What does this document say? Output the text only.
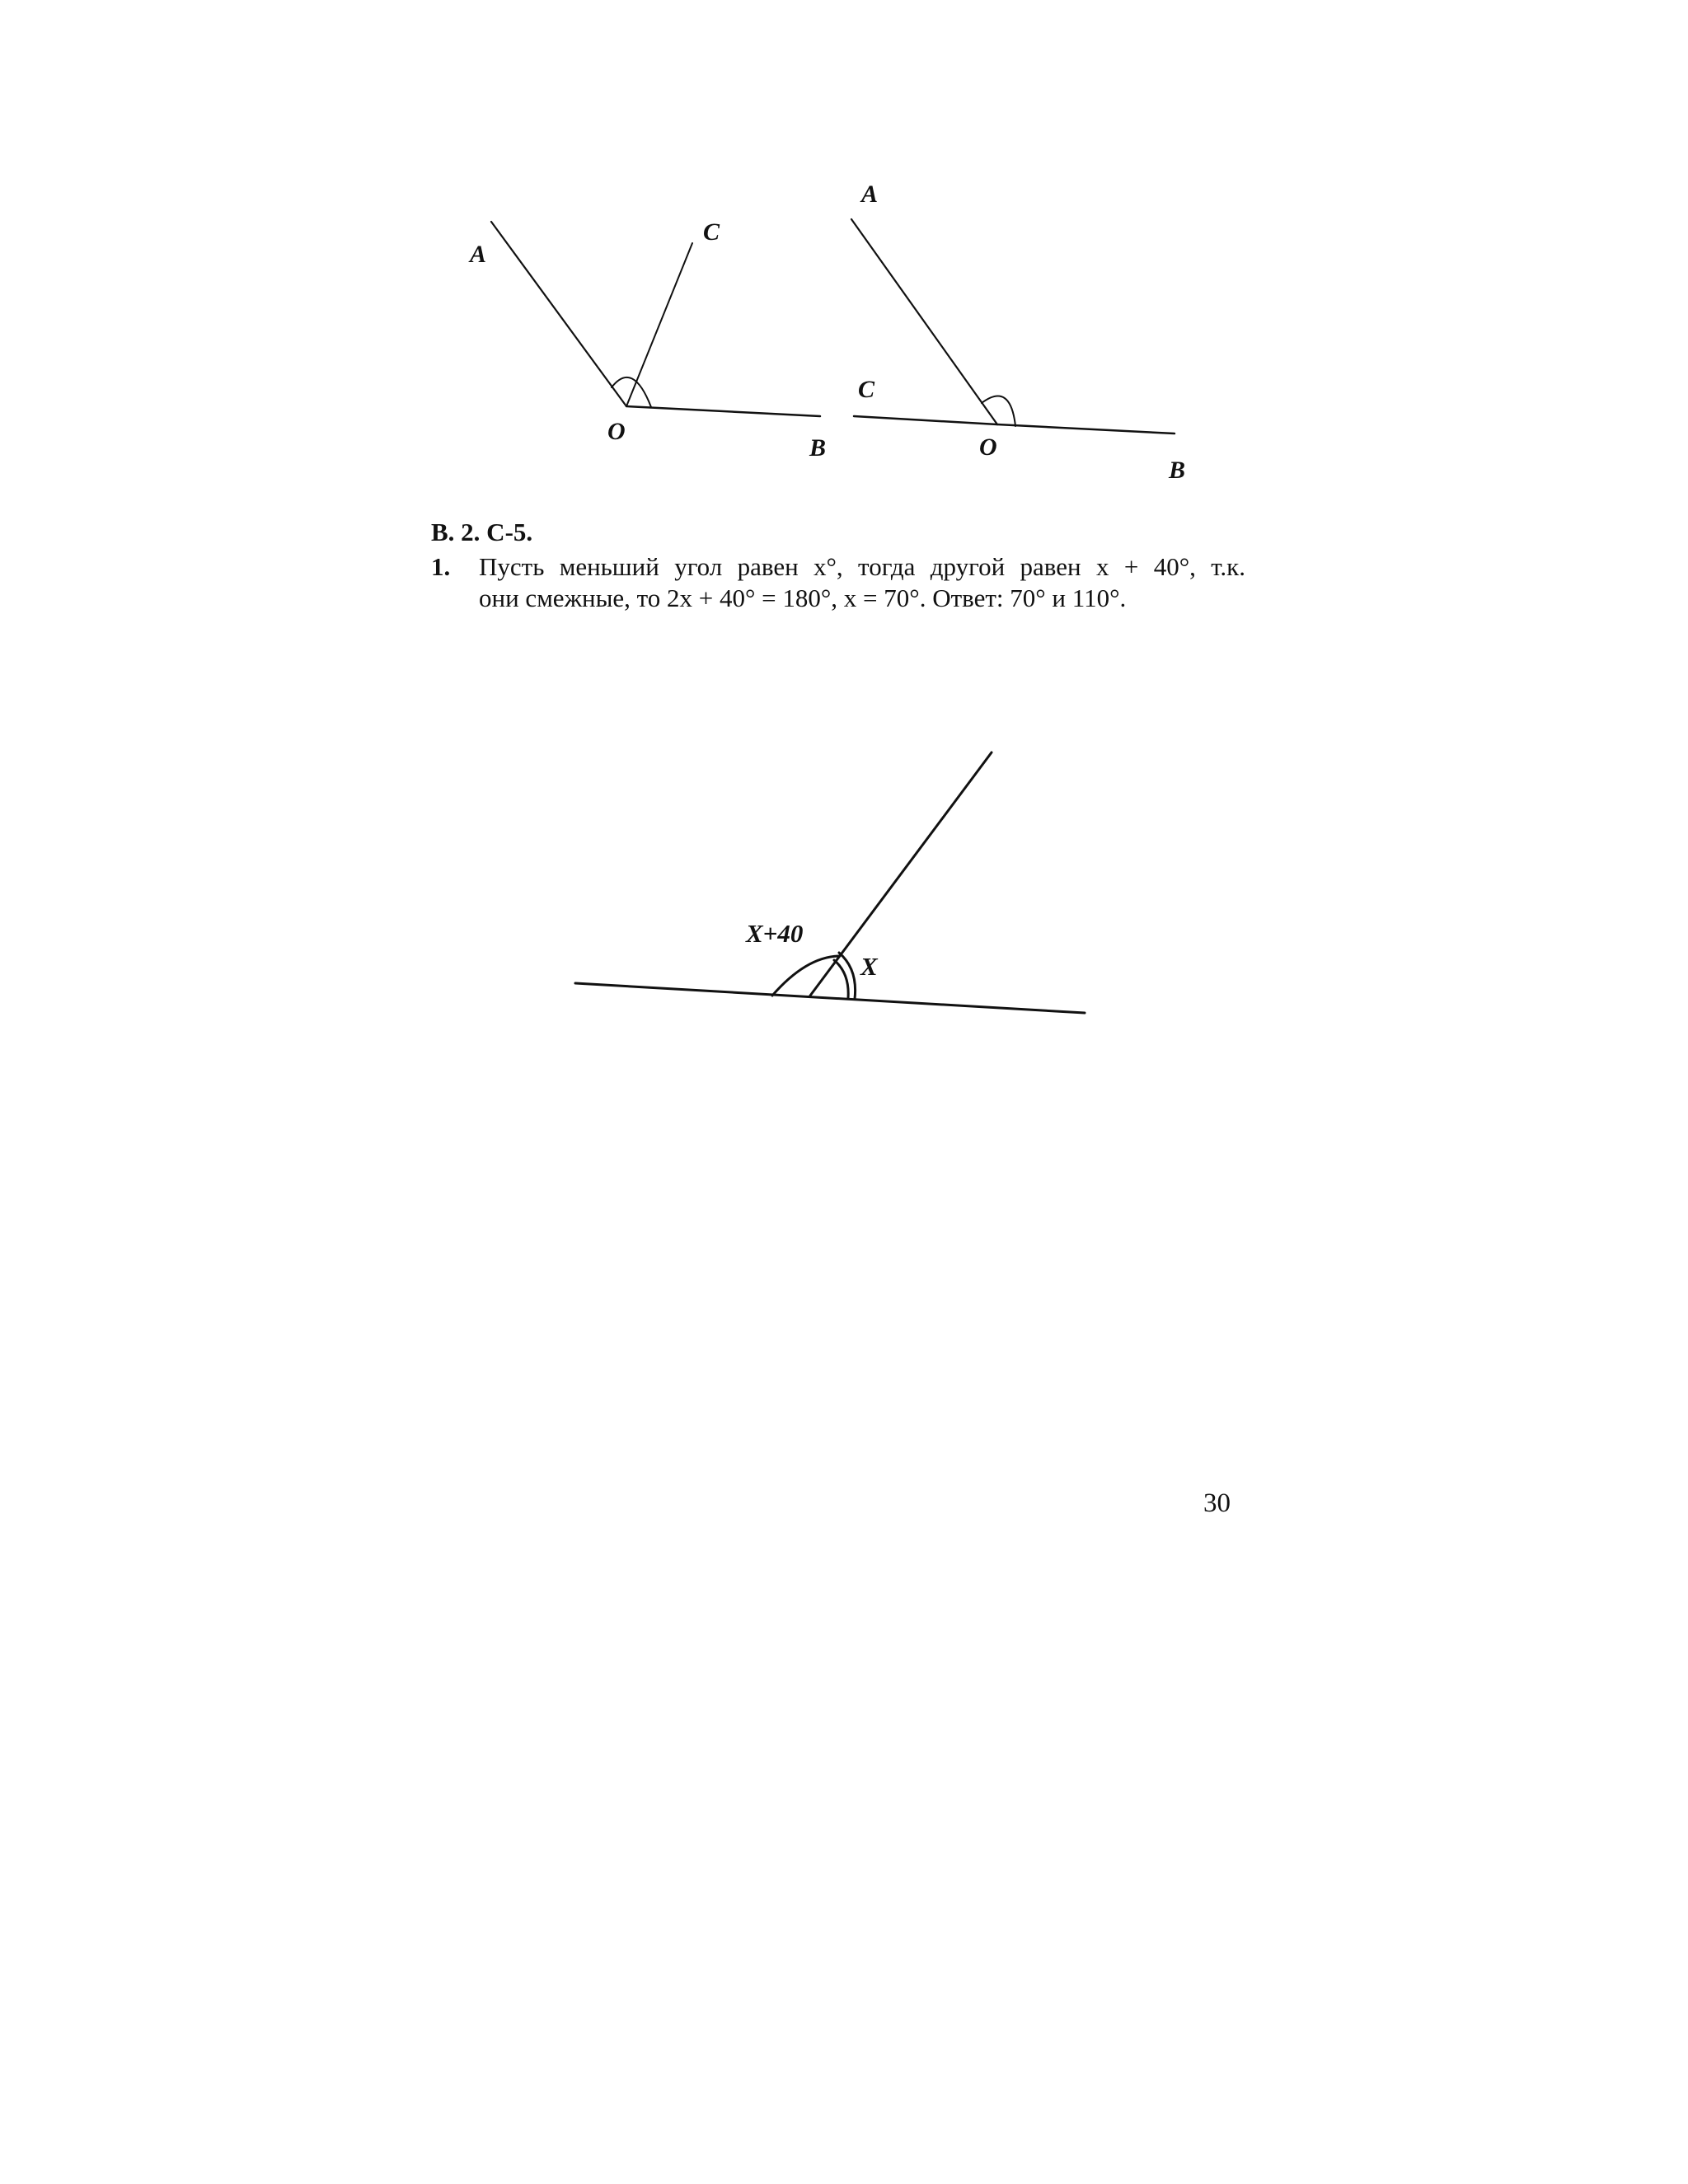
A
C
O
B
A
C
O
B
В. 2. С-5.
1. Пусть меньший угол равен x°, тогда другой равен x + 40°, т.к.
они смежные, то 2x + 40° = 180°, x = 70°. Ответ: 70° и 110°.
X+40
X

30
